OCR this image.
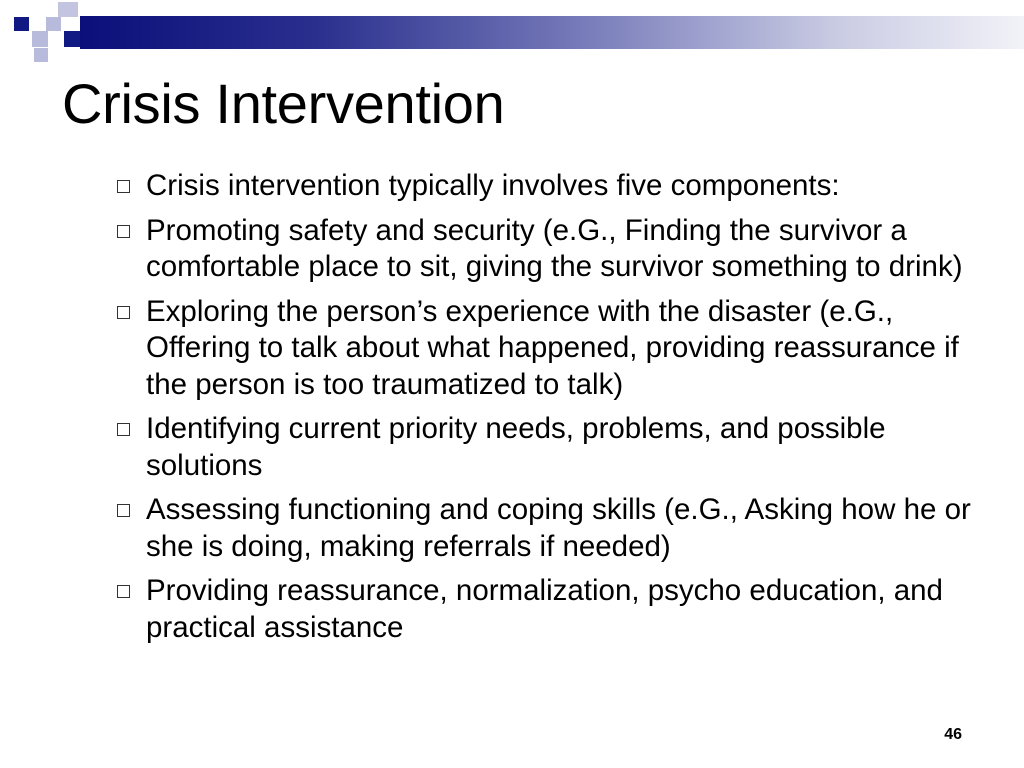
Crisis Intervention
Crisis intervention typically involves five components:
Promoting safety and security (e.G., Finding the survivor a comfortable place to sit, giving the survivor something to drink)
Exploring the person’s experience with the disaster (e.G., Offering to talk about what happened, providing reassurance if the person is too traumatized to talk)
Identifying current priority needs, problems, and possible solutions
Assessing functioning and coping skills (e.G., Asking how he or she is doing, making referrals if needed)
Providing reassurance, normalization, psycho education, and practical assistance
46
